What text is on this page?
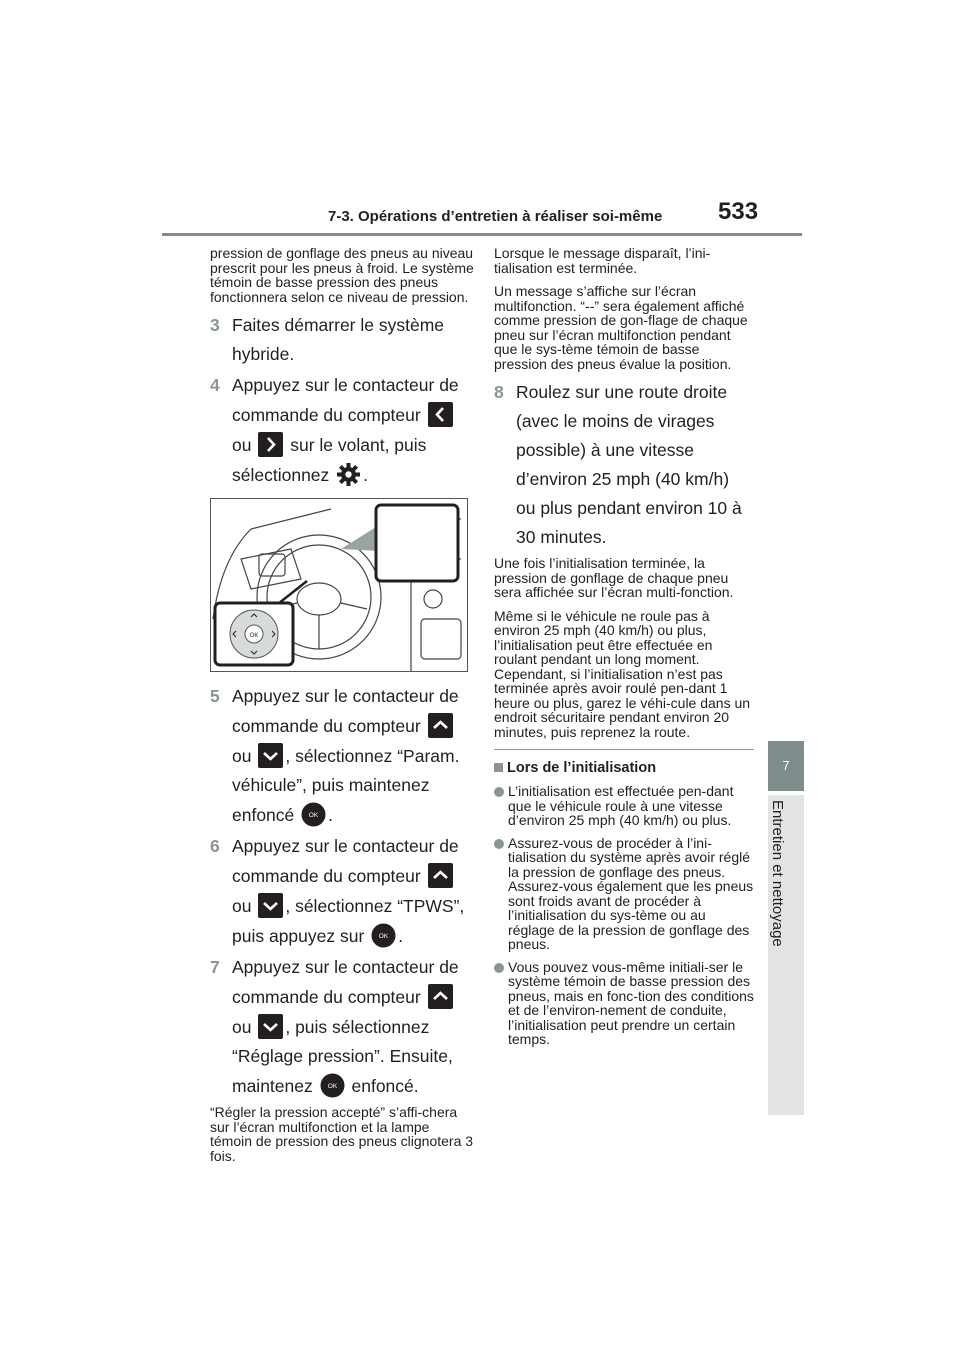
7-3. Opérations d’entretien à réaliser soi-même 533
7
Entretien et nettoyage

pression de gonflage des pneus au niveau prescrit pour les pneus à froid. Le système témoin de basse pression des pneus fonctionnera selon ce niveau de pression.

3 Faites démarrer le système
hybride.
4 Appuyez sur le contacteur de
commande du compteur
ou sur le volant, puis
sélectionnez .
OK
5 Appuyez sur le contacteur de
commande du compteur
ou , sélectionnez “Param.
véhicule”, puis maintenez
enfoncé OK .
6 Appuyez sur le contacteur de
commande du compteur
ou , sélectionnez “TPWS”,
puis appuyez sur OK .
7 Appuyez sur le contacteur de
commande du compteur
ou , puis sélectionnez
“Réglage pression”. Ensuite,
maintenez OK enfoncé.

“Régler la pression accepté” s’affi-chera sur l’écran multifonction et la lampe témoin de pression des pneus clignotera 3 fois.

Lorsque le message disparaît, l’ini-tialisation est terminée.

Un message s’affiche sur l’écran multifonction. “--” sera également affiché comme pression de gon-flage de chaque pneu sur l’écran multifonction pendant que le sys-tème témoin de basse pression des pneus évalue la position.

8 Roulez sur une route droite
(avec le moins de virages
possible) à une vitesse
d’environ 25 mph (40 km/h)
ou plus pendant environ 10 à
30 minutes.

Une fois l’initialisation terminée, la pression de gonflage de chaque pneu sera affichée sur l’écran multi-fonction.

Même si le véhicule ne roule pas à environ 25 mph (40 km/h) ou plus, l’initialisation peut être effectuée en roulant pendant un long moment. Cependant, si l’initialisation n’est pas terminée après avoir roulé pen-dant 1 heure ou plus, garez le véhi-cule dans un endroit sécuritaire pendant environ 20 minutes, puis reprenez la route.

Lors de l’initialisation

L’initialisation est effectuée pen-dant que le véhicule roule à une vitesse d’environ 25 mph (40 km/h) ou plus.
Assurez-vous de procéder à l’ini-tialisation du système après avoir réglé la pression de gonflage des pneus. Assurez-vous également que les pneus sont froids avant de procéder à l’initialisation du sys-tème ou au réglage de la pression de gonflage des pneus.
Vous pouvez vous-même initiali-ser le système témoin de basse pression des pneus, mais en fonc-tion des conditions et de l’environ-nement de conduite, l’initialisation peut prendre un certain temps.
